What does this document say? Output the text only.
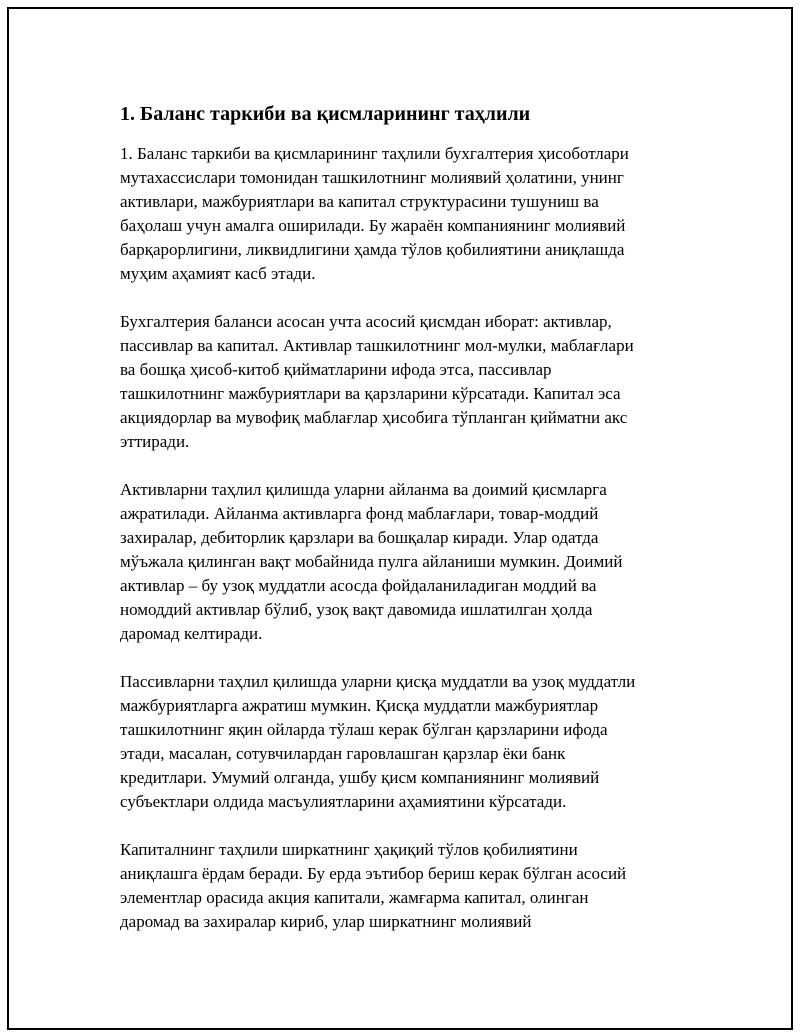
1. Баланс таркиби ва қисмларининг таҳлили

1. Баланс таркиби ва қисмларининг таҳлили бухгалтерия ҳисоботлари
мутахассислари томонидан ташкилотнинг молиявий ҳолатини, унинг
активлари, мажбуриятлари ва капитал структурасини тушуниш ва
баҳолаш учун амалга оширилади. Бу жараён компаниянинг молиявий
барқарорлигини, ликвидлигини ҳамда тўлов қобилиятини аниқлашда
муҳим аҳамият касб этади.

Бухгалтерия баланси асосан учта асосий қисмдан иборат: активлар,
пассивлар ва капитал. Активлар ташкилотнинг мол-мулки, маблағлари
ва бошқа ҳисоб-китоб қийматларини ифода этса, пассивлар
ташкилотнинг мажбуриятлари ва қарзларини кўрсатади. Капитал эса
акциядорлар ва мувофиқ маблағлар ҳисобига тўпланган қийматни акс
эттиради.

Активларни таҳлил қилишда уларни айланма ва доимий қисмларга
ажратилади. Айланма активларга фонд маблағлари, товар-моддий
захиралар, дебиторлик қарзлари ва бошқалар киради. Улар одатда
мўъжала қилинган вақт мобайнида пулга айланиши мумкин. Доимий
активлар – бу узоқ муддатли асосда фойдаланиладиган моддий ва
номоддий активлар бўлиб, узоқ вақт давомида ишлатилган ҳолда
даромад келтиради.

Пассивларни таҳлил қилишда уларни қисқа муддатли ва узоқ муддатли
мажбуриятларга ажратиш мумкин. Қисқа муддатли мажбуриятлар
ташкилотнинг яқин ойларда тўлаш керак бўлган қарзларини ифода
этади, масалан, сотувчилардан гаровлашган қарзлар ёки банк
кредитлари. Умумий олганда, ушбу қисм компаниянинг молиявий
субъектлари олдида масъулиятларини аҳамиятини кўрсатади.

Капиталнинг таҳлили ширкатнинг ҳақиқий тўлов қобилиятини
аниқлашга ёрдам беради. Бу ерда эътибор бериш керак бўлган асосий
элементлар орасида акция капитали, жамғарма капитал, олинган
даромад ва захиралар кириб, улар ширкатнинг молиявий
